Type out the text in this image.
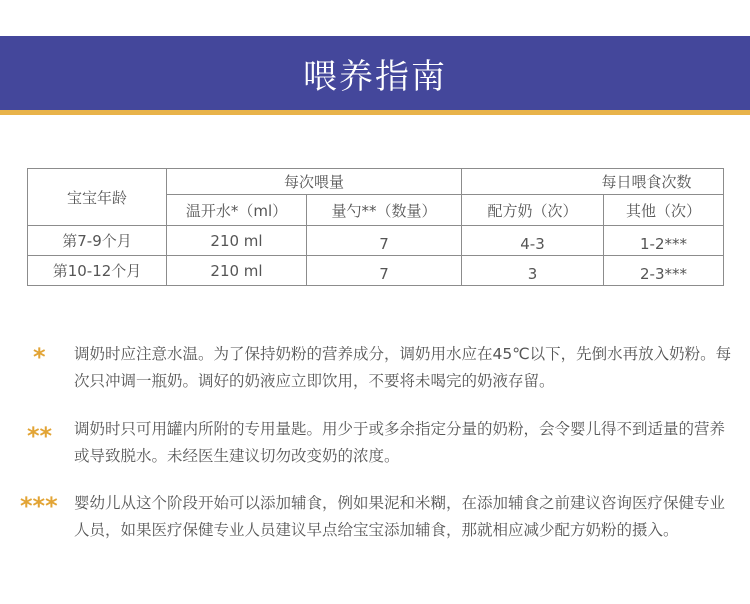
喂养指南
宝宝年龄	每次喂量		每日喂食次数	
	温开水*（ml）	量勺**（数量）	配方奶（次）	其他（次）
第7-9个月	210 ml	7	4-3	1-2***
第10-12个月	210 ml	7	3	2-3***
* 调奶时应注意水温。为了保持奶粉的营养成分，调奶用水应在45℃以下，先倒水再放入奶粉。每次只冲调一瓶奶。调好的奶液应立即饮用，不要将未喝完的奶液存留。

** 调奶时只可用罐内所附的专用量匙。用少于或多余指定分量的奶粉，会令婴儿得不到适量的营养或导致脱水。未经医生建议切勿改变奶的浓度。

*** 婴幼儿从这个阶段开始可以添加辅食，例如果泥和米糊，在添加辅食之前建议咨询医疗保健专业人员，如果医疗保健专业人员建议早点给宝宝添加辅食，那就相应减少配方奶粉的摄入。
